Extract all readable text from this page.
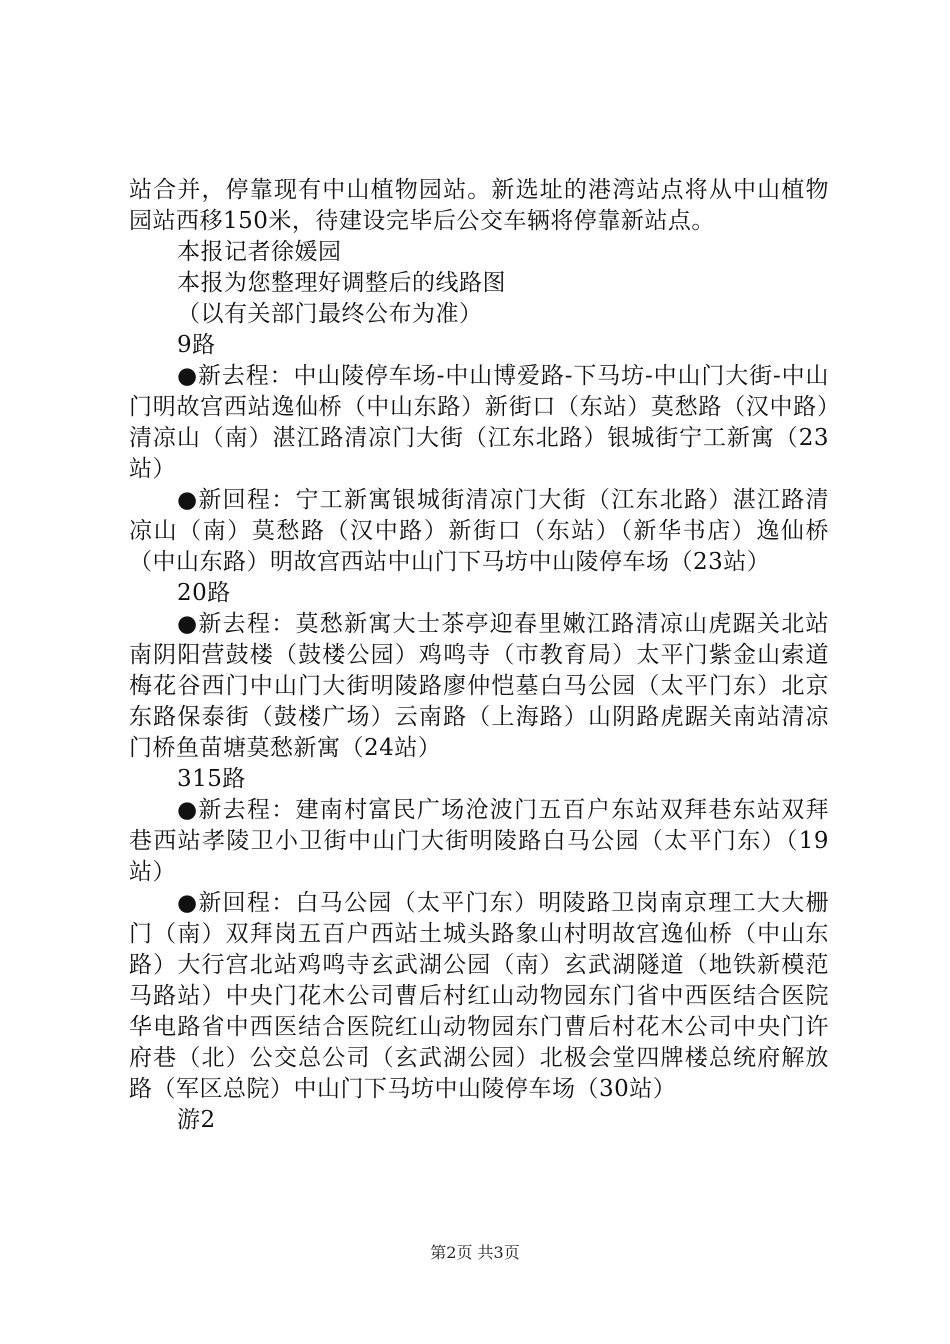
站合并，停靠现有中山植物园站。新选址的港湾站点将从中山植物园站西移150米，待建设完毕后公交车辆将停靠新站点。

本报记者徐媛园

本报为您整理好调整后的线路图

（以有关部门最终公布为准）

9路

●新去程：中山陵停车场-中山博爱路-下马坊-中山门大街-中山门明故宫西站逸仙桥（中山东路）新街口（东站）莫愁路（汉中路）清凉山（南）湛江路清凉门大街（江东北路）银城街宁工新寓（23站）

●新回程：宁工新寓银城街清凉门大街（江东北路）湛江路清凉山（南）莫愁路（汉中路）新街口（东站）（新华书店）逸仙桥（中山东路）明故宫西站中山门下马坊中山陵停车场（23站）

20路

●新去程：莫愁新寓大士茶亭迎春里嫩江路清凉山虎踞关北站南阴阳营鼓楼（鼓楼公园）鸡鸣寺（市教育局）太平门紫金山索道梅花谷西门中山门大街明陵路廖仲恺墓白马公园（太平门东）北京东路保泰街（鼓楼广场）云南路（上海路）山阴路虎踞关南站清凉门桥鱼苗塘莫愁新寓（24站）

315路

●新去程：建南村富民广场沧波门五百户东站双拜巷东站双拜巷西站孝陵卫小卫街中山门大街明陵路白马公园（太平门东）（19站）

●新回程：白马公园（太平门东）明陵路卫岗南京理工大大栅门（南）双拜岗五百户西站土城头路象山村明故宫逸仙桥（中山东路）大行宫北站鸡鸣寺玄武湖公园（南）玄武湖隧道（地铁新模范马路站）中央门花木公司曹后村红山动物园东门省中西医结合医院华电路省中西医结合医院红山动物园东门曹后村花木公司中央门许府巷（北）公交总公司（玄武湖公园）北极会堂四牌楼总统府解放路（军区总院）中山门下马坊中山陵停车场（30站）

游2

第2页 共3页
